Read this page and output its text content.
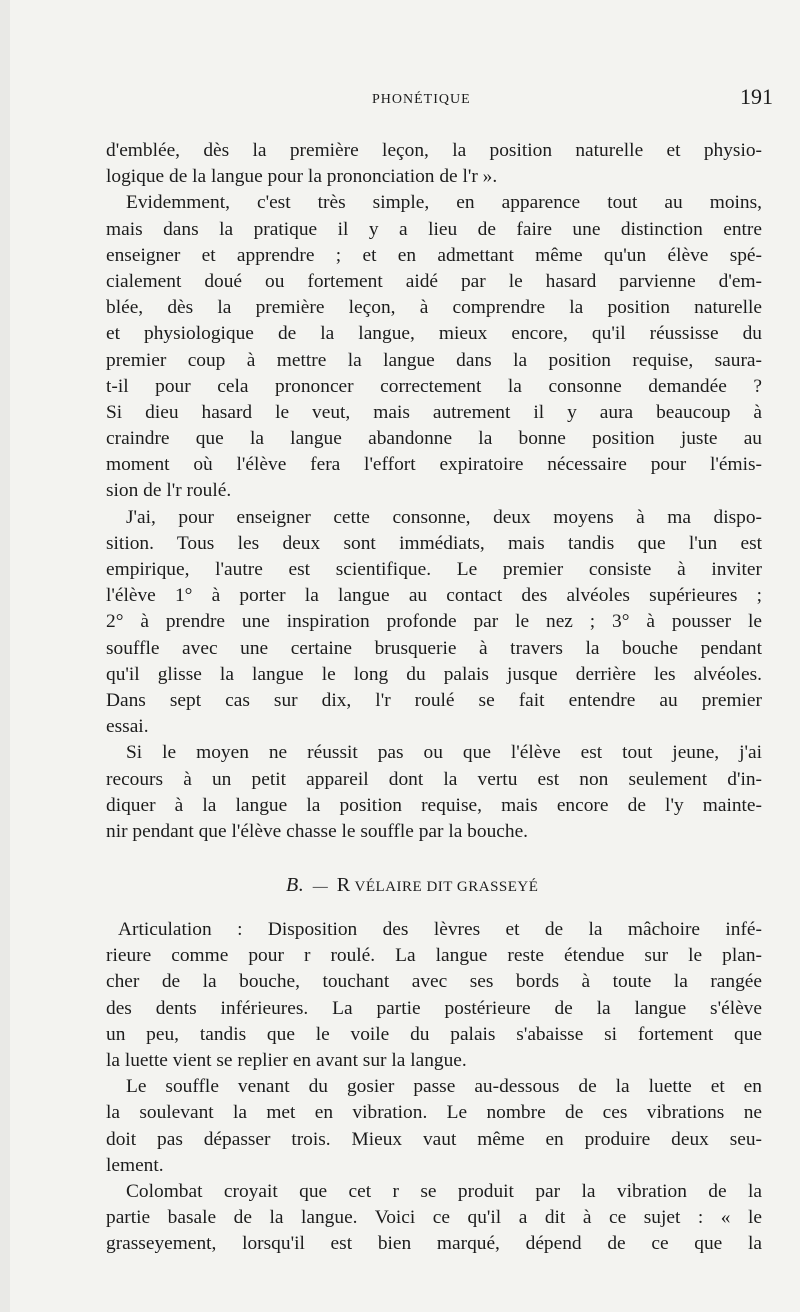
PHONÉTIQUE	191
d'emblée, dès la première leçon, la position naturelle et physio-
logique de la langue pour la prononciation de l'r ».
Evidemment, c'est très simple, en apparence tout au moins,
mais dans la pratique il y a lieu de faire une distinction entre
enseigner et apprendre ; et en admettant même qu'un élève spé-
cialement doué ou fortement aidé par le hasard parvienne d'em-
blée, dès la première leçon, à comprendre la position naturelle
et physiologique de la langue, mieux encore, qu'il réussisse du
premier coup à mettre la langue dans la position requise, saura-
t-il pour cela prononcer correctement la consonne demandée ?
Si dieu hasard le veut, mais autrement il y aura beaucoup à
craindre que la langue abandonne la bonne position juste au
moment où l'élève fera l'effort expiratoire nécessaire pour l'émis-
sion de l'r roulé.
J'ai, pour enseigner cette consonne, deux moyens à ma dispo-
sition. Tous les deux sont immédiats, mais tandis que l'un est
empirique, l'autre est scientifique. Le premier consiste à inviter
l'élève 1° à porter la langue au contact des alvéoles supérieures ;
2° à prendre une inspiration profonde par le nez ; 3° à pousser le
souffle avec une certaine brusquerie à travers la bouche pendant
qu'il glisse la langue le long du palais jusque derrière les alvéoles.
Dans sept cas sur dix, l'r roulé se fait entendre au premier
essai.
Si le moyen ne réussit pas ou que l'élève est tout jeune, j'ai
recours à un petit appareil dont la vertu est non seulement d'in-
diquer à la langue la position requise, mais encore de l'y mainte-
nir pendant que l'élève chasse le souffle par la bouche.
B. — R VÉLAIRE DIT GRASSEYÉ
Articulation : Disposition des lèvres et de la mâchoire infé-
rieure comme pour r roulé. La langue reste étendue sur le plan-
cher de la bouche, touchant avec ses bords à toute la rangée
des dents inférieures. La partie postérieure de la langue s'élève
un peu, tandis que le voile du palais s'abaisse si fortement que
la luette vient se replier en avant sur la langue.
Le souffle venant du gosier passe au-dessous de la luette et en
la soulevant la met en vibration. Le nombre de ces vibrations ne
doit pas dépasser trois. Mieux vaut même en produire deux seu-
lement.
Colombat croyait que cet r se produit par la vibration de la
partie basale de la langue. Voici ce qu'il a dit à ce sujet : « le
grasseyement, lorsqu'il est bien marqué, dépend de ce que la
